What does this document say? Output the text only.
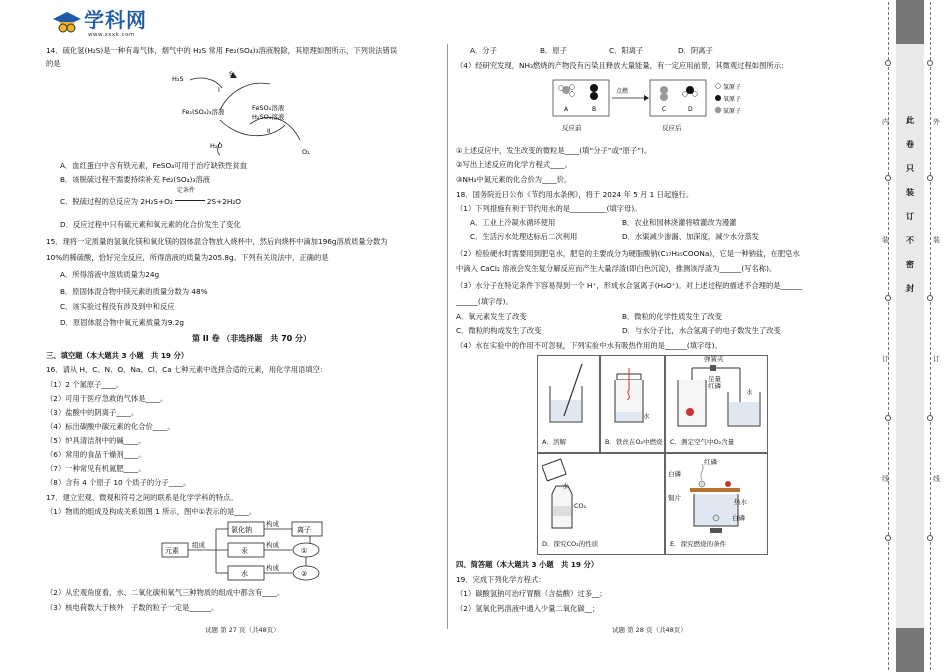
学科网
www.zxxk.com
14．硫化氢(H₂S)是一种有毒气体，烟气中的 H₂S 常用 Fe₂(SO₄)₃溶液脱除，其原理如图所示，下列说法错误
的是
H₂S
S
I
Fe₂(SO₄)₃溶液	FeSO₄溶液
H₂SO₄溶液
II
H₂O
O₂
A．血红蛋白中含有铁元素，FeSO₄可用于治疗缺铁性贫血
B．该脱硫过程不需要持续补充 Fe₂(SO₄)₃溶液
C．脱硫过程的总反应为 2H₂S+O₂
定条件
2S+2H₂O
D．反应过程中只有硫元素和氧元素的化合价发生了变化
15．现将一定质量的氢氧化镁和氧化镁的固体混合物放入烧杯中，然后向烧杯中滴加196g溶质质量分数为
10%的稀硫酸，恰好完全反应，所得溶液的质量为205.8g。下列有关说法中，正确的是
A．所得溶液中溶质质量为24g
B．原固体混合物中镁元素的质量分数为 48%
C．该实验过程没有涉及到中和反应
D．原固体混合物中氧元素质量为9.2g
第 II 卷 （非选择题　共 70 分）
三、填空题（本大题共 3 小题　共 19 分）
16．请从 H、C、N、O、Na、Cl、Ca 七种元素中选择合适的元素，用化学用语填空：
（1）2 个氮原子____。
（2）可用于医疗急救的气体是____。
（3）盐酸中的阴离子____。
（4）标出碳酸中碳元素的化合价____。
（5）炉具清洁剂中的碱____。
（6）常用的食品干燥剂____。
（7）一种常见有机氮肥____。
（8）含有 4 个原子 10 个质子的分子____。
17．建立宏观、微观和符号之间的联系是化学学科的特点。
（1）物质的组成及构成关系如图 1 所示，图中①表示的是____。
元素
组成
氯化钠
汞
水
构成
构成
构成
离子
①
②
（2）从宏观角度看，水、二氧化碳和氧气三种物质的组成中都含有____。
（3）核电荷数大于核外　子数的粒子一定是______。
试题 第 27 页（共48页）
A．分子	B．原子	C．阳离子	D．阴离子
（4）经研究发现，NH₃燃烧的产物没有污染且释放大量能量，有一定应用前景，其微观过程如图所示：
A	B
点燃
C	D
反应前	反应后
氢原子
氧原子
氮原子
①上述反应中，发生改变的微粒是____(填“分子”或“原子”)。
②写出上述反应的化学方程式____。
③NH₃中氮元素的化合价为____价。
18．国务院近日公布《节约用水条例》，将于 2024 年 5 月 1 日起施行。
（1）下列措施有利于节约用水的是__________(填字母)。
A．工业上冷凝水循环使用	B．农业和园林浇灌将喷灌改为漫灌
C．生活污水处理达标后二次利用	D．水渠减少渗漏、加深度，减少水分蒸发
（2）检验硬水时需要用到肥皂水，肥皂的主要成分为硬脂酸钠(C₁₇H₃₅COONa)，它是一种钠盐，在肥皂水
中滴入 CaCl₂ 溶液会发生复分解反应而产生大量浮渣(即白色沉淀)，推测该浮渣为______(写名称)。
（3）水分子在特定条件下容易得到一个 H⁺，形成水合氢离子(H₃O⁺)。对上述过程的描述不合理的是______
______(填字母)。
A．氧元素发生了改变	B．微粒的化学性质发生了改变
C．微粒的构成发生了改变	D．与水分子比，水合氢离子的电子数发生了改变
（4）水在实验中的作用不可忽视，下列实验中水有吸热作用的是______(填字母)。
A．溶解
水
B．铁丝在O₂中燃烧
弹簧夹
足量红磷
水
C．测定空气中O₂含量
水
CO₂
D．探究CO₂的性质
红磷
白磷
铜片	热水
白磷
E．探究燃烧的条件
四、简答题（本大题共 3 小题　共 19 分）
19．完成下列化学方程式：
（1）碳酸氢钠可治疗胃酸（含盐酸）过多__；
（2）氢氧化钙溶液中通入少量二氧化碳__；
试题 第 28 页（共48页）
内
装
订
线
外
装
订
线
此
卷
只
装
订
不
密
封
